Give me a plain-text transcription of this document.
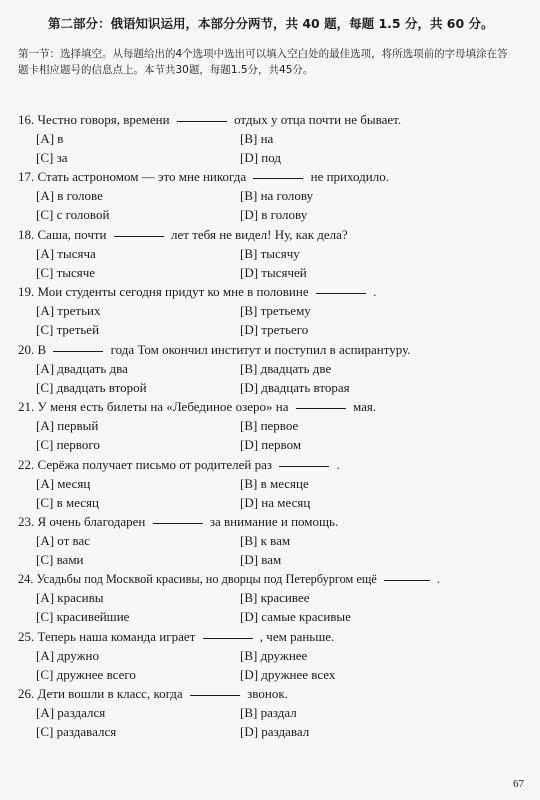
第二部分：俄语知识运用，本部分分两节，共 40 题，每题 1.5 分，共 60 分。
第一节：选择填空。从每题给出的4个选项中选出可以填入空白处的最佳选项，将所选项前的字母填涂在答题卡相应题号的信息点上。本节共30题，每题1.5分，共45分。
16. Честно говоря, времени	отдых у отца почти не бывает.
[A] в	[B] на
[C] за	[D] под
17. Стать астрономом — это мне никогда	не приходило.
[A] в голове	[B] на голову
[C] с головой	[D] в голову
18. Саша, почти	лет тебя не видел! Ну, как дела?
[A] тысяча	[B] тысячу
[C] тысяче	[D] тысячей
19. Мои студенты сегодня придут ко мне в половине	.
[A] третьих	[B] третьему
[C] третьей	[D] третьего
20. В	года Том окончил институт и поступил в аспирантуру.
[A] двадцать два	[B] двадцать две
[C] двадцать второй	[D] двадцать вторая
21. У меня есть билеты на «Лебединое озеро» на	мая.
[A] первый	[B] первое
[C] первого	[D] первом
22. Серёжа получает письмо от родителей раз	.
[A] месяц	[B] в месяце
[C] в месяц	[D] на месяц
23. Я очень благодарен	за внимание и помощь.
[A] от вас	[B] к вам
[C] вами	[D] вам
24. Усадьбы под Москвой красивы, но дворцы под Петербургом ещё	.
[A] красивы	[B] красивее
[C] красивейшие	[D] самые красивые
25. Теперь наша команда играет	, чем раньше.
[A] дружно	[B] дружнее
[C] дружнее всего	[D] дружнее всех
26. Дети вошли в класс, когда	звонок.
[A] раздался	[B] раздал
[C] раздавался	[D] раздавал
67
